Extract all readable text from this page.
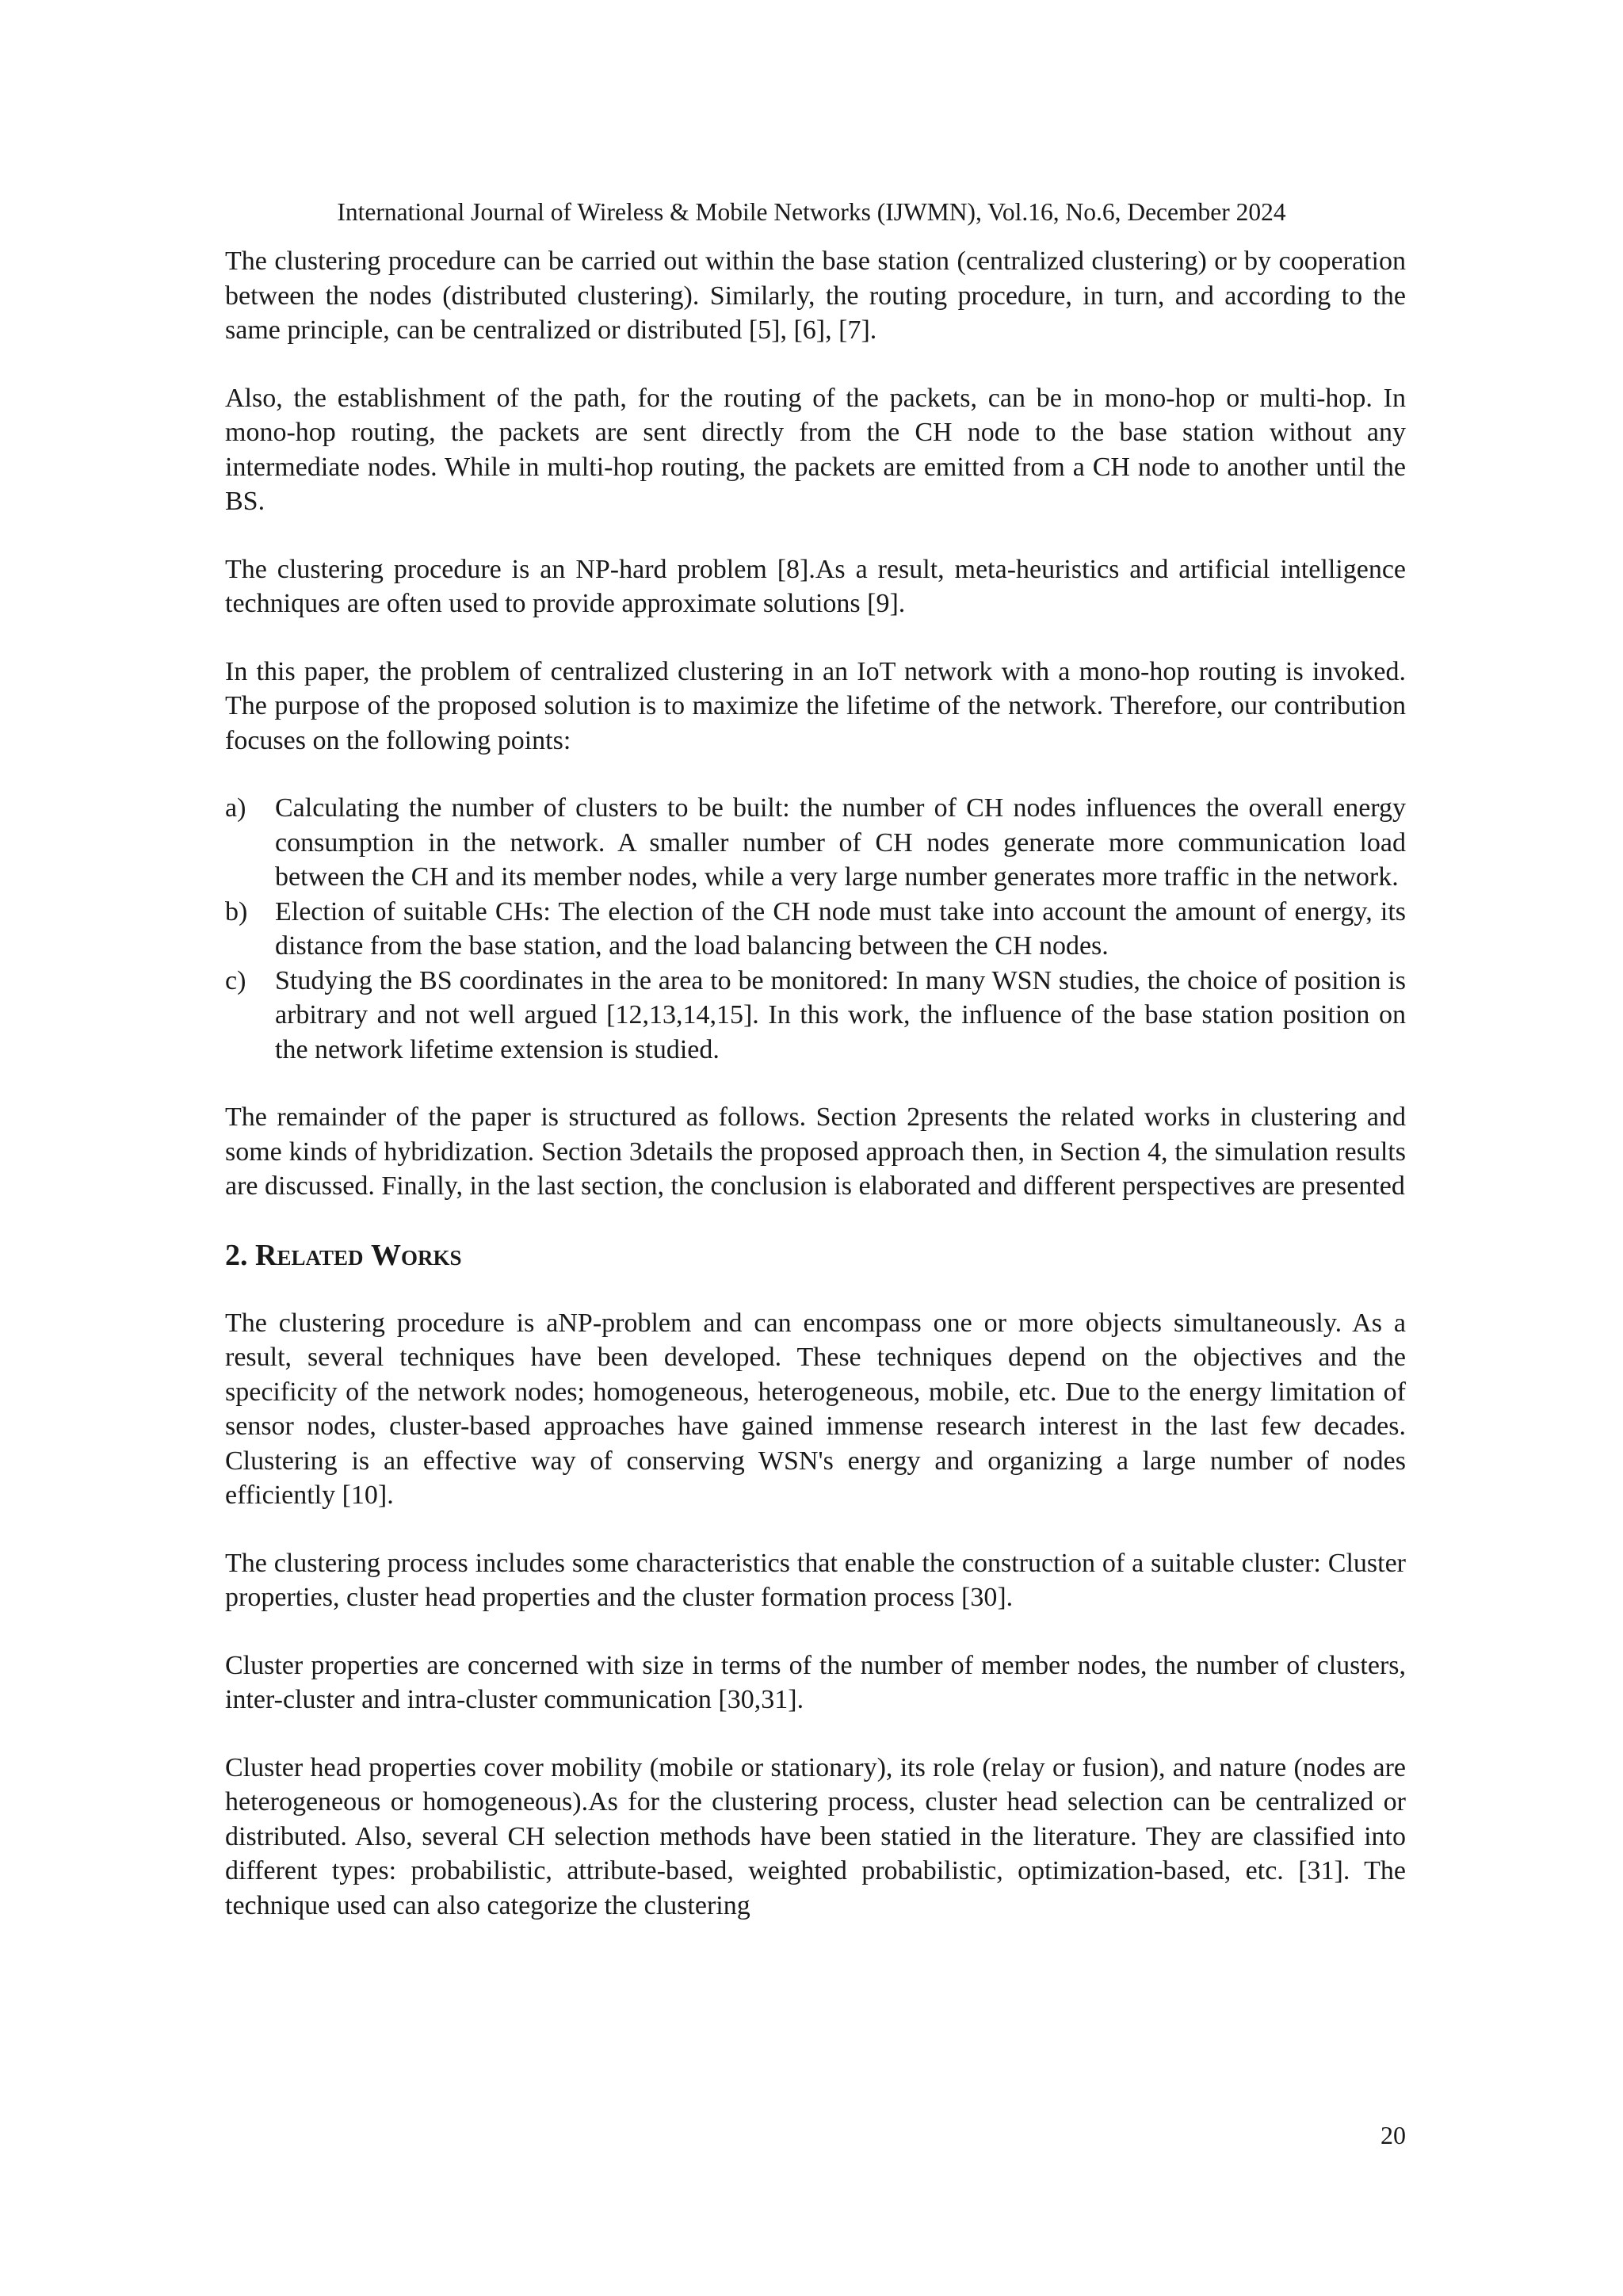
International Journal of Wireless & Mobile Networks (IJWMN), Vol.16, No.6, December 2024

The clustering procedure can be carried out within the base station (centralized clustering) or by cooperation between the nodes (distributed clustering). Similarly, the routing procedure, in turn, and according to the same principle, can be centralized or distributed [5], [6], [7].

Also, the establishment of the path, for the routing of the packets, can be in mono-hop or multi-hop. In mono-hop routing, the packets are sent directly from the CH node to the base station without any intermediate nodes. While in multi-hop routing, the packets are emitted from a CH node to another until the BS.

The clustering procedure is an NP-hard problem [8].As a result, meta-heuristics and artificial intelligence techniques are often used to provide approximate solutions [9].

In this paper, the problem of centralized clustering in an IoT network with a mono-hop routing is invoked. The purpose of the proposed solution is to maximize the lifetime of the network. Therefore, our contribution focuses on the following points:

a) Calculating the number of clusters to be built: the number of CH nodes influences the overall energy consumption in the network. A smaller number of CH nodes generate more communication load between the CH and its member nodes, while a very large number generates more traffic in the network.
b) Election of suitable CHs: The election of the CH node must take into account the amount of energy, its distance from the base station, and the load balancing between the CH nodes.
c) Studying the BS coordinates in the area to be monitored: In many WSN studies, the choice of position is arbitrary and not well argued [12,13,14,15]. In this work, the influence of the base station position on the network lifetime extension is studied.

The remainder of the paper is structured as follows. Section 2presents the related works in clustering and some kinds of hybridization. Section 3details the proposed approach then, in Section 4, the simulation results are discussed. Finally, in the last section, the conclusion is elaborated and different perspectives are presented

2. Related Works

The clustering procedure is aNP-problem and can encompass one or more objects simultaneously. As a result, several techniques have been developed. These techniques depend on the objectives and the specificity of the network nodes; homogeneous, heterogeneous, mobile, etc. Due to the energy limitation of sensor nodes, cluster-based approaches have gained immense research interest in the last few decades. Clustering is an effective way of conserving WSN's energy and organizing a large number of nodes efficiently [10].

The clustering process includes some characteristics that enable the construction of a suitable cluster: Cluster properties, cluster head properties and the cluster formation process [30].

Cluster properties are concerned with size in terms of the number of member nodes, the number of clusters, inter-cluster and intra-cluster communication [30,31].

Cluster head properties cover mobility (mobile or stationary), its role (relay or fusion), and nature (nodes are heterogeneous or homogeneous).As for the clustering process, cluster head selection can be centralized or distributed. Also, several CH selection methods have been statied in the literature. They are classified into different types: probabilistic, attribute-based, weighted probabilistic, optimization-based, etc. [31]. The technique used can also categorize the clustering

20
